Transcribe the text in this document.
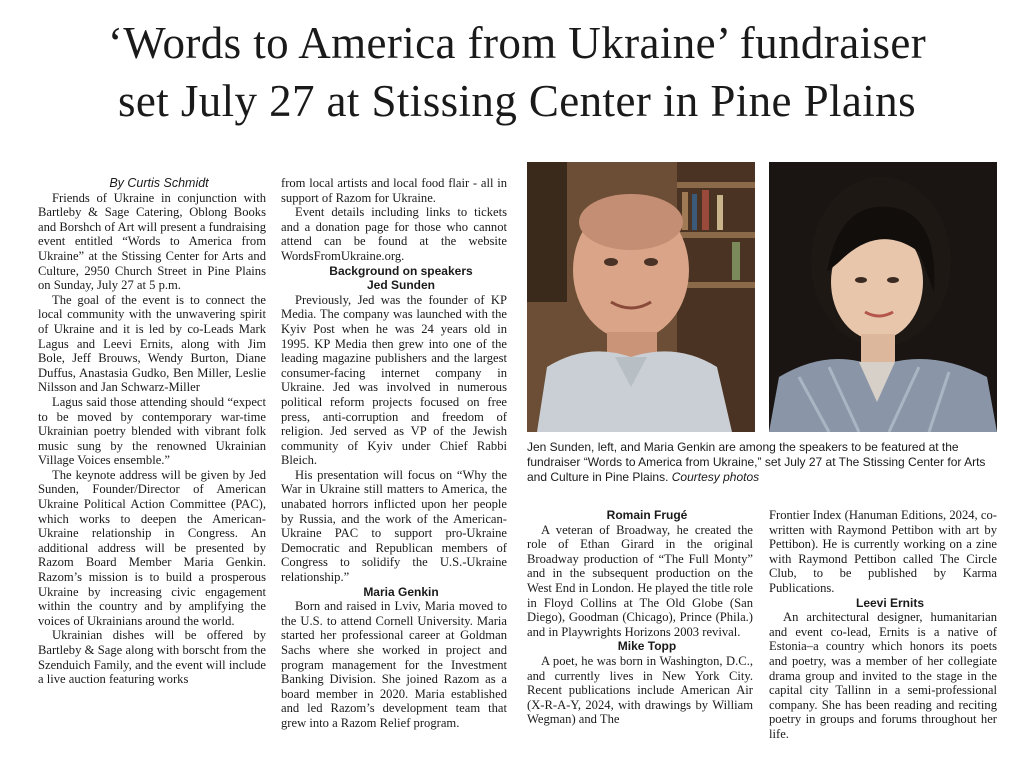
‘Words to America from Ukraine’ fundraiser
set July 27 at Stissing Center in Pine Plains

By Curtis Schmidt

Friends of Ukraine in conjunction with Bartleby & Sage Catering, Oblong Books and Borshch of Art will present a fundraising event entitled “Words to America from Ukraine” at the Stissing Center for Arts and Culture, 2950 Church Street in Pine Plains on Sunday, July 27 at 5 p.m.

The goal of the event is to connect the local community with the unwavering spirit of Ukraine and it is led by co-Leads Mark Lagus and Leevi Ernits, along with Jim Bole, Jeff Brouws, Wendy Burton, Diane Duffus, Anastasia Gudko, Ben Miller, Leslie Nilsson and Jan Schwarz-Miller

Lagus said those attending should “expect to be moved by contemporary war-time Ukrainian poetry blended with vibrant folk music sung by the renowned Ukrainian Village Voices ensemble.”

The keynote address will be given by Jed Sunden, Founder/Director of American Ukraine Political Action Committee (PAC), which works to deepen the American-Ukraine relationship in Congress. An additional address will be presented by Razom Board Member Maria Genkin. Razom’s mission is to build a prosperous Ukraine by increasing civic engagement within the country and by amplifying the voices of Ukrainians around the world.

Ukrainian dishes will be offered by Bartleby & Sage along with borscht from the Szenduich Family, and the event will include a live auction featuring works

from local artists and local food flair - all in support of Razom for Ukraine.

Event details including links to tickets and a donation page for those who cannot attend can be found at the website WordsFromUkraine.org.

Background on speakers

Jed Sunden

Previously, Jed was the founder of KP Media. The company was launched with the Kyiv Post when he was 24 years old in 1995. KP Media then grew into one of the leading magazine publishers and the largest consumer-facing internet company in Ukraine. Jed was involved in numerous political reform projects focused on free press, anti-corruption and freedom of religion. Jed served as VP of the Jewish community of Kyiv under Chief Rabbi Bleich.

His presentation will focus on “Why the War in Ukraine still matters to America, the unabated horrors inflicted upon her people by Russia, and the work of the American-Ukraine PAC to support pro-Ukraine Democratic and Republican members of Congress to solidify the U.S.-Ukraine relationship.”

Maria Genkin

Born and raised in Lviv, Maria moved to the U.S. to attend Cornell University. Maria started her professional career at Goldman Sachs where she worked in project and program management for the Investment Banking Division. She joined Razom as a board member in 2020. Maria established and led Razom’s development team that grew into a Razom Relief program.

Jen Sunden, left, and Maria Genkin are among the speakers to be featured at the fundraiser “Words to America from Ukraine,” set July 27 at The Stissing Center for Arts and Culture in Pine Plains. Courtesy photos

Romain Frugé

A veteran of Broadway, he created the role of Ethan Girard in the original Broadway production of “The Full Monty” and in the subsequent production on the West End in London. He played the title role in Floyd Collins at The Old Globe (San Diego), Goodman (Chicago), Prince (Phila.) and in Playwrights Horizons 2003 revival.

Mike Topp

A poet, he was born in Washington, D.C., and currently lives in New York City. Recent publications include American Air (X-R-A-Y, 2024, with drawings by William Wegman) and The

Frontier Index (Hanuman Editions, 2024, co-written with Raymond Pettibon with art by Pettibon). He is currently working on a zine with Raymond Pettibon called The Circle Club, to be published by Karma Publications.

Leevi Ernits

An architectural designer, humanitarian and event co-lead, Ernits is a native of Estonia–a country which honors its poets and poetry, was a member of her collegiate drama group and invited to the stage in the capital city Tallinn in a semi-professional company. She has been reading and reciting poetry in groups and forums throughout her life.
